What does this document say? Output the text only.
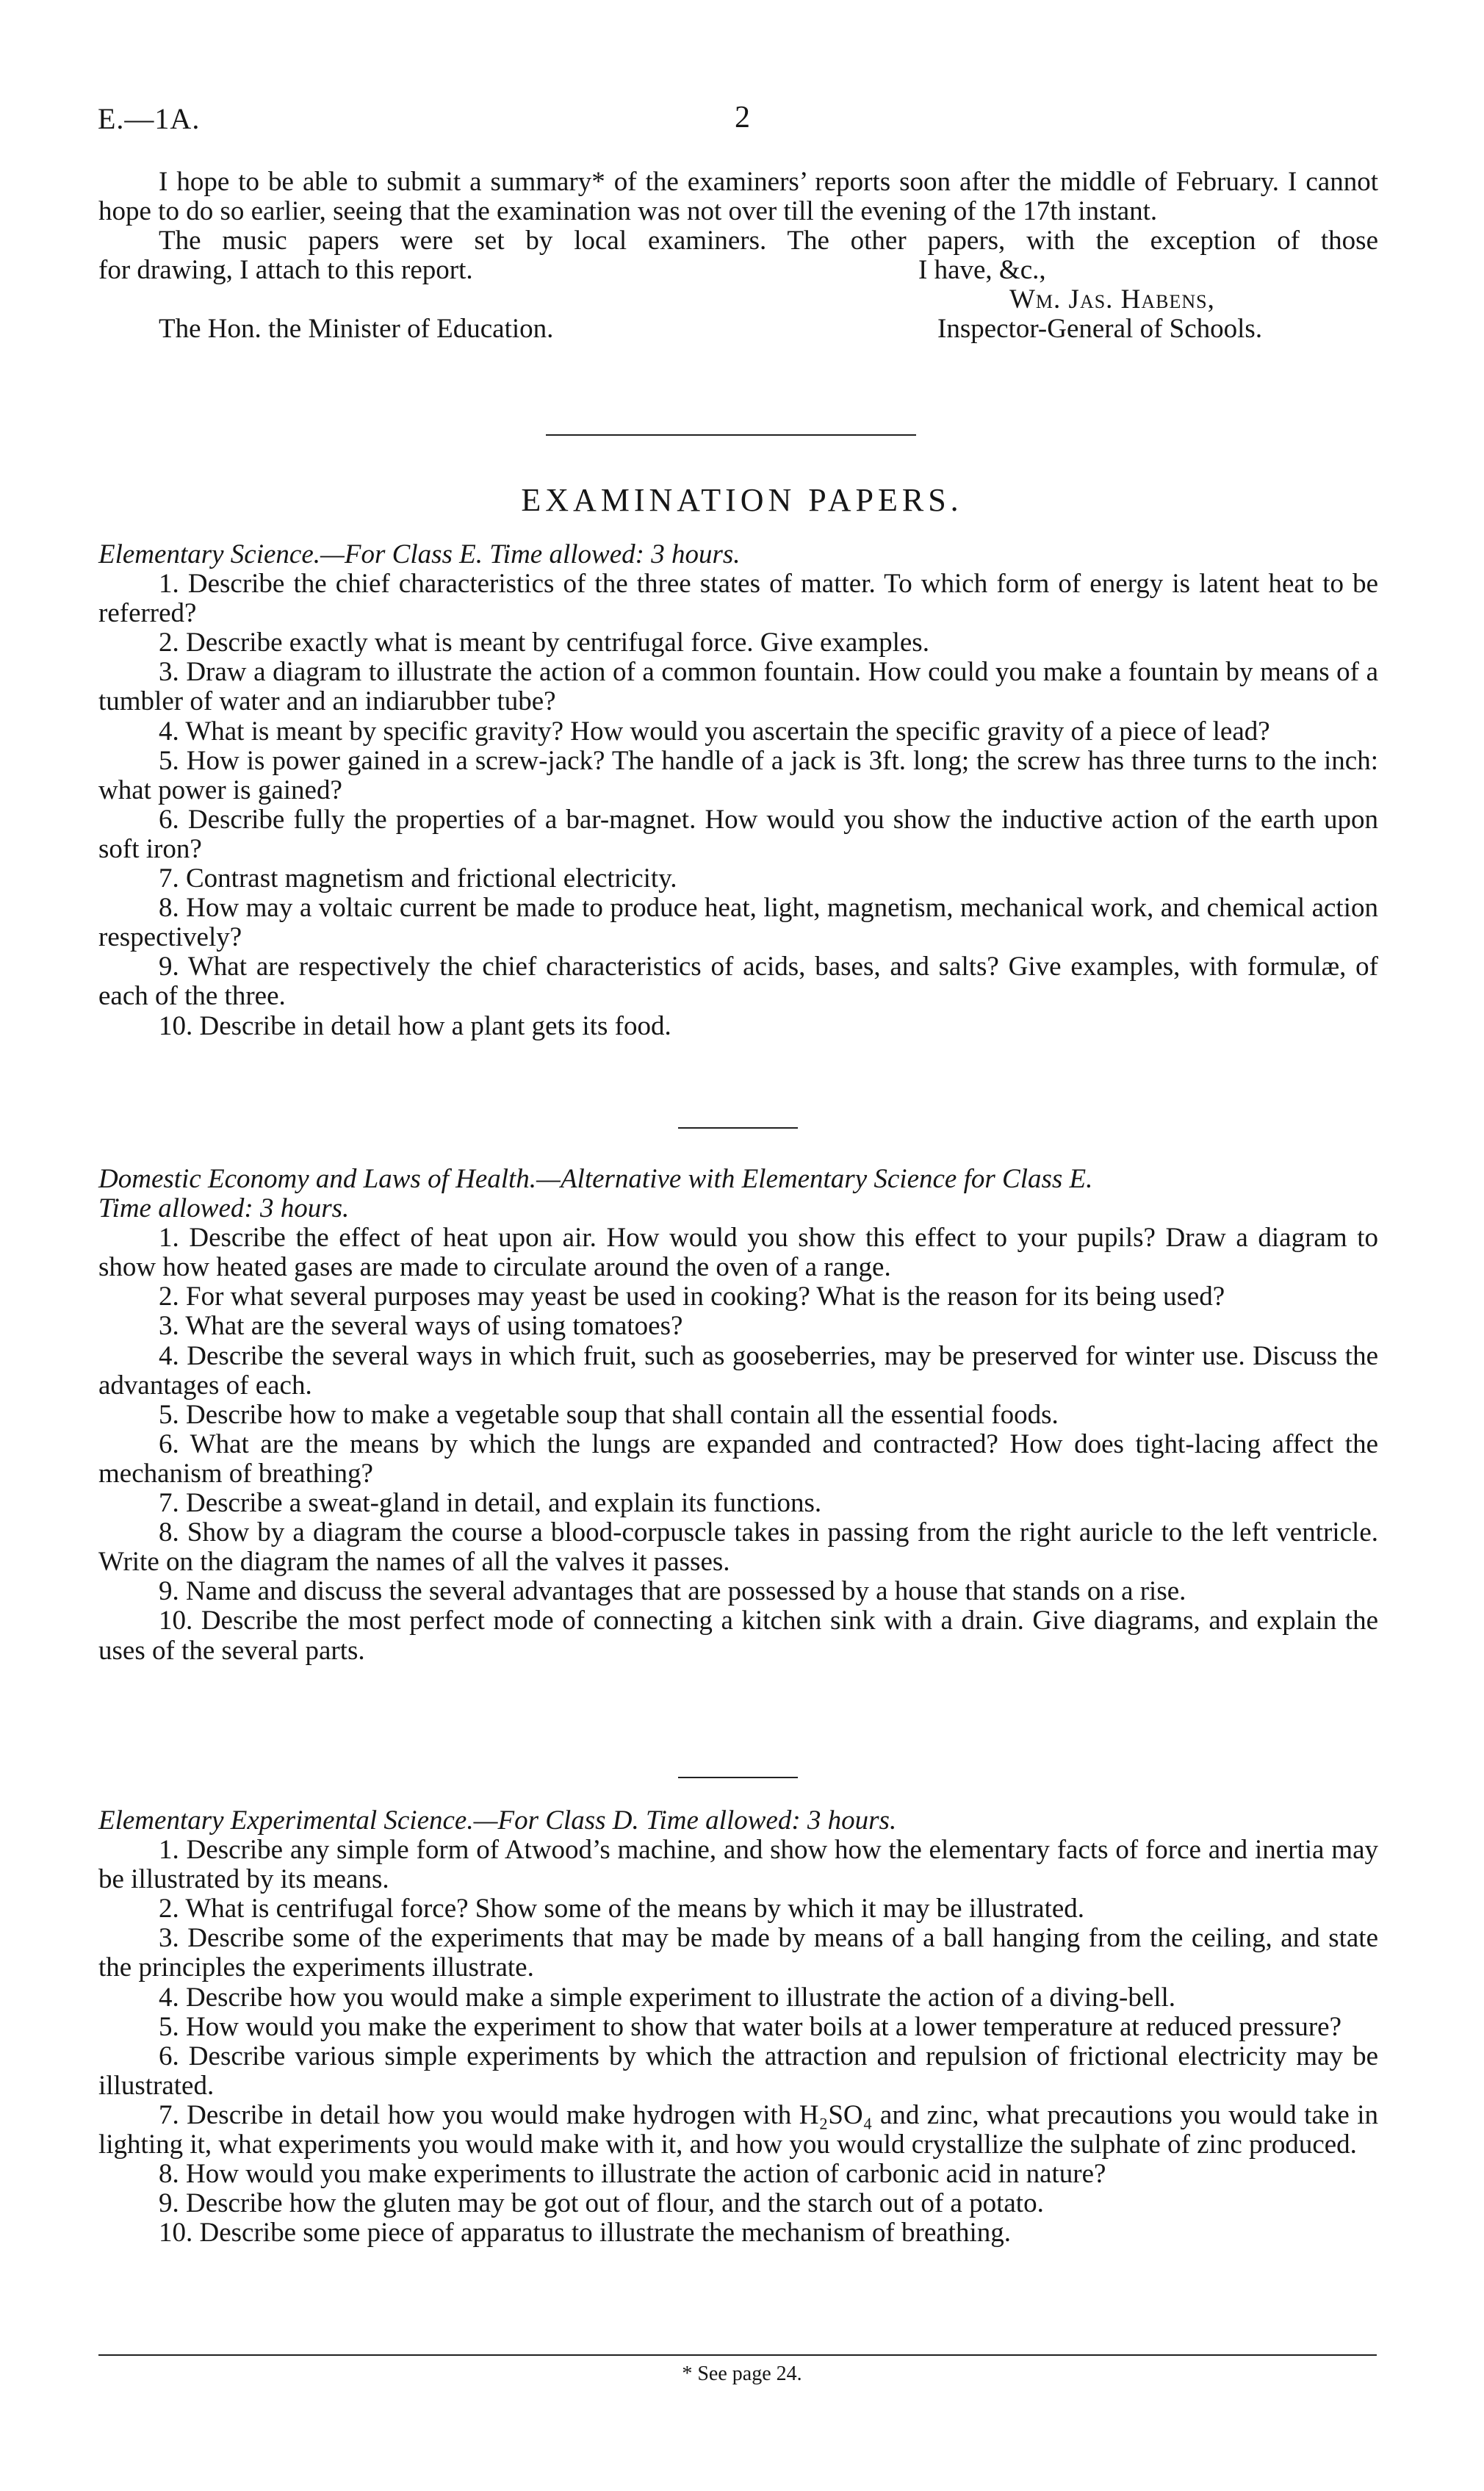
E.—1A.	2

I hope to be able to submit a summary* of the examiners’ reports soon after the middle of February. I cannot hope to do so earlier, seeing that the examination was not over till the evening of the 17th instant.

The music papers were set by local examiners. The other papers, with the exception of those

for drawing, I attach to this report.	I have, &c.,
Wm. Jas. Habens,
The Hon. the Minister of Education.	Inspector-General of Schools.
EXAMINATION PAPERS.

Elementary Science.—For Class E. Time allowed: 3 hours.

1. Describe the chief characteristics of the three states of matter. To which form of energy is latent heat to be referred?

2. Describe exactly what is meant by centrifugal force. Give examples.

3. Draw a diagram to illustrate the action of a common fountain. How could you make a fountain by means of a tumbler of water and an indiarubber tube?

4. What is meant by specific gravity? How would you ascertain the specific gravity of a piece of lead?

5. How is power gained in a screw-jack? The handle of a jack is 3ft. long; the screw has three turns to the inch: what power is gained?

6. Describe fully the properties of a bar-magnet. How would you show the inductive action of the earth upon soft iron?

7. Contrast magnetism and frictional electricity.

8. How may a voltaic current be made to produce heat, light, magnetism, mechanical work, and chemical action respectively?

9. What are respectively the chief characteristics of acids, bases, and salts? Give examples, with formulæ, of each of the three.

10. Describe in detail how a plant gets its food.

Domestic Economy and Laws of Health.—Alternative with Elementary Science for Class E.

Time allowed: 3 hours.

1. Describe the effect of heat upon air. How would you show this effect to your pupils? Draw a diagram to show how heated gases are made to circulate around the oven of a range.

2. For what several purposes may yeast be used in cooking? What is the reason for its being used?

3. What are the several ways of using tomatoes?

4. Describe the several ways in which fruit, such as gooseberries, may be preserved for winter use. Discuss the advantages of each.

5. Describe how to make a vegetable soup that shall contain all the essential foods.

6. What are the means by which the lungs are expanded and contracted? How does tight-lacing affect the mechanism of breathing?

7. Describe a sweat-gland in detail, and explain its functions.

8. Show by a diagram the course a blood-corpuscle takes in passing from the right auricle to the left ventricle. Write on the diagram the names of all the valves it passes.

9. Name and discuss the several advantages that are possessed by a house that stands on a rise.

10. Describe the most perfect mode of connecting a kitchen sink with a drain. Give diagrams, and explain the uses of the several parts.

Elementary Experimental Science.—For Class D. Time allowed: 3 hours.

1. Describe any simple form of Atwood’s machine, and show how the elementary facts of force and inertia may be illustrated by its means.

2. What is centrifugal force? Show some of the means by which it may be illustrated.

3. Describe some of the experiments that may be made by means of a ball hanging from the ceiling, and state the principles the experiments illustrate.

4. Describe how you would make a simple experiment to illustrate the action of a diving-bell.

5. How would you make the experiment to show that water boils at a lower temperature at reduced pressure?

6. Describe various simple experiments by which the attraction and repulsion of frictional electricity may be illustrated.

7. Describe in detail how you would make hydrogen with H₂SO₄ and zinc, what precautions you would take in lighting it, what experiments you would make with it, and how you would crystallize the sulphate of zinc produced.

8. How would you make experiments to illustrate the action of carbonic acid in nature?

9. Describe how the gluten may be got out of flour, and the starch out of a potato.

10. Describe some piece of apparatus to illustrate the mechanism of breathing.

* See page 24.
